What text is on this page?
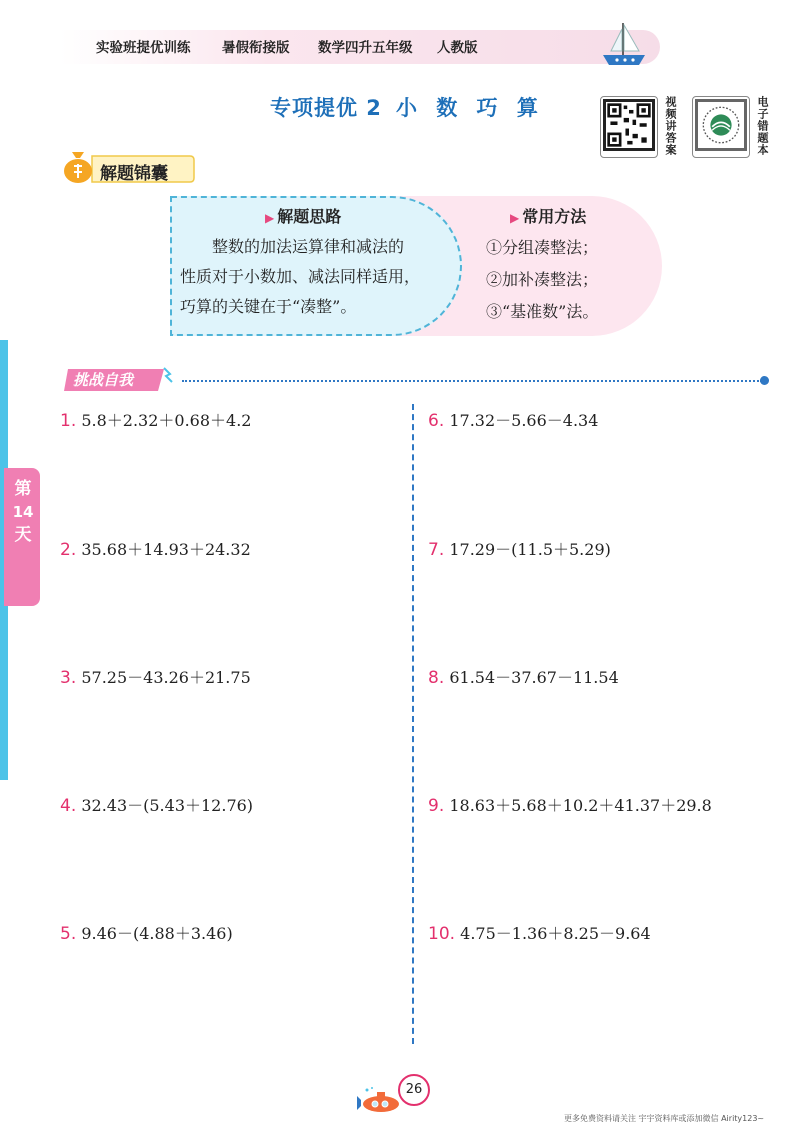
实验班提优训练 暑假衔接版 数学四升五年级 人教版
专项提优 2 小 数 巧 算	视频讲答案	电子错题本
解题锦囊
▶ 解题思路
整数的加法运算律和减法的
性质对于小数加、减法同样适用，
巧算的关键在于“凑整”。
▶ 常用方法
①分组凑整法；
②加补凑整法；
③“基准数”法。
挑战自我
1. 5.8＋2.32＋0.68＋4.2
2. 35.68＋14.93＋24.32
3. 57.25－43.26＋21.75
4. 32.43－(5.43＋12.76)
5. 9.46－(4.88＋3.46)
6. 17.32－5.66－4.34
7. 17.29－(11.5＋5.29)
8. 61.54－37.67－11.54
9. 18.63＋5.68＋10.2＋41.37＋29.8
10. 4.75－1.36＋8.25－9.64
第
14
天
26
更多免费资料请关注 宇宇资料库或添加微信 Airity123~
